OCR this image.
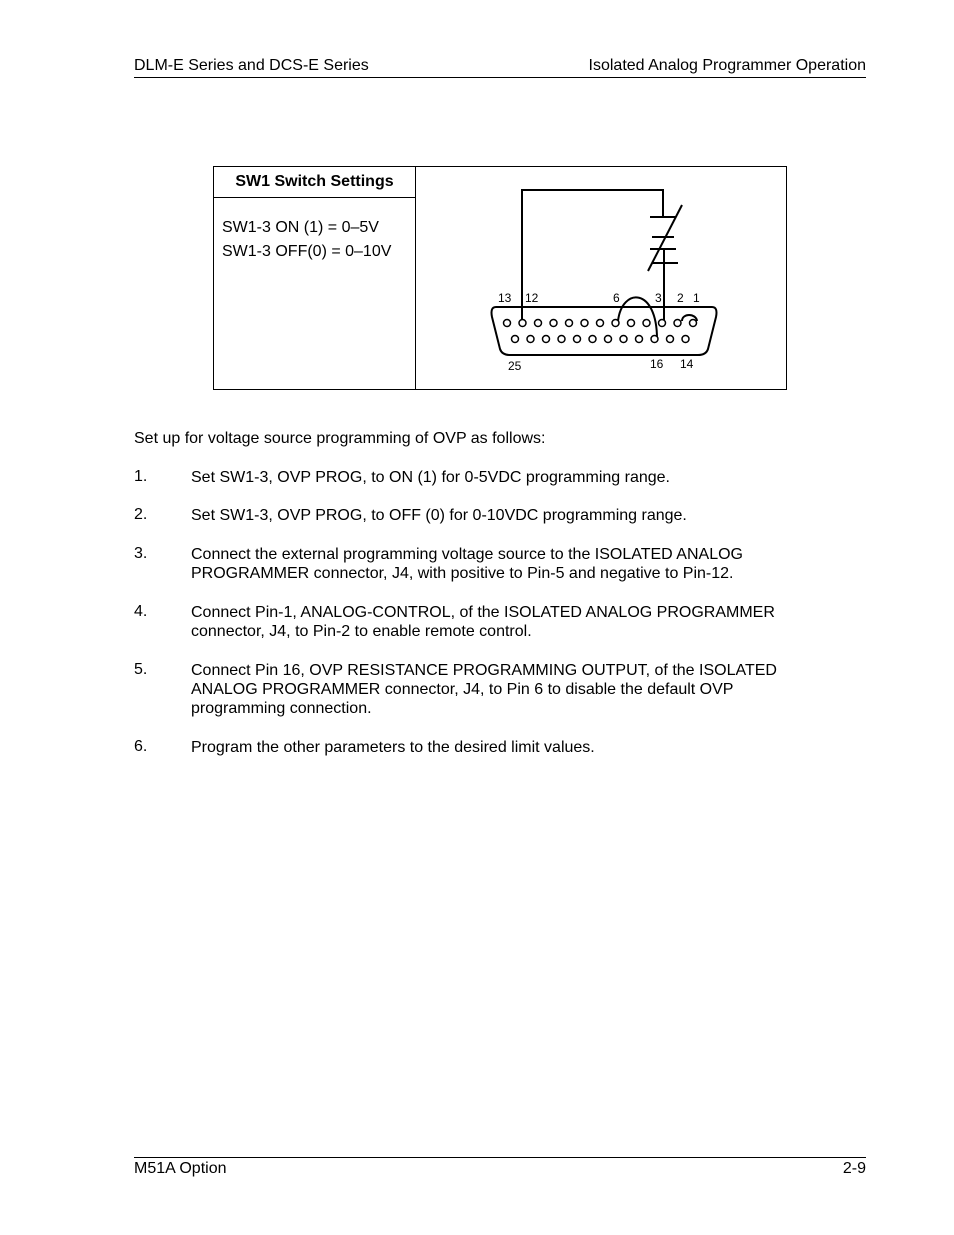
DLM-E Series and DCS-E Series	Isolated Analog Programmer Operation
SW1 Switch Settings
SW1-3 ON (1) = 0–5V
SW1-3 OFF(0) = 0–10V
13 12	6	3 2 1
25	16 14
Set up for voltage source programming of OVP as follows:
1.	Set SW1-3, OVP PROG, to ON (1) for 0-5VDC programming range.
2.	Set SW1-3, OVP PROG, to OFF (0) for 0-10VDC programming range.
3.	Connect the external programming voltage source to the ISOLATED ANALOG PROGRAMMER connector, J4, with positive to Pin-5 and negative to Pin-12.
4.	Connect Pin-1, ANALOG-CONTROL, of the ISOLATED ANALOG PROGRAMMER connector, J4, to Pin-2 to enable remote control.
5.	Connect Pin 16, OVP RESISTANCE PROGRAMMING OUTPUT, of the ISOLATED ANALOG PROGRAMMER connector, J4, to Pin 6 to disable the default OVP programming connection.
6.	Program the other parameters to the desired limit values.
M51A Option	2-9
